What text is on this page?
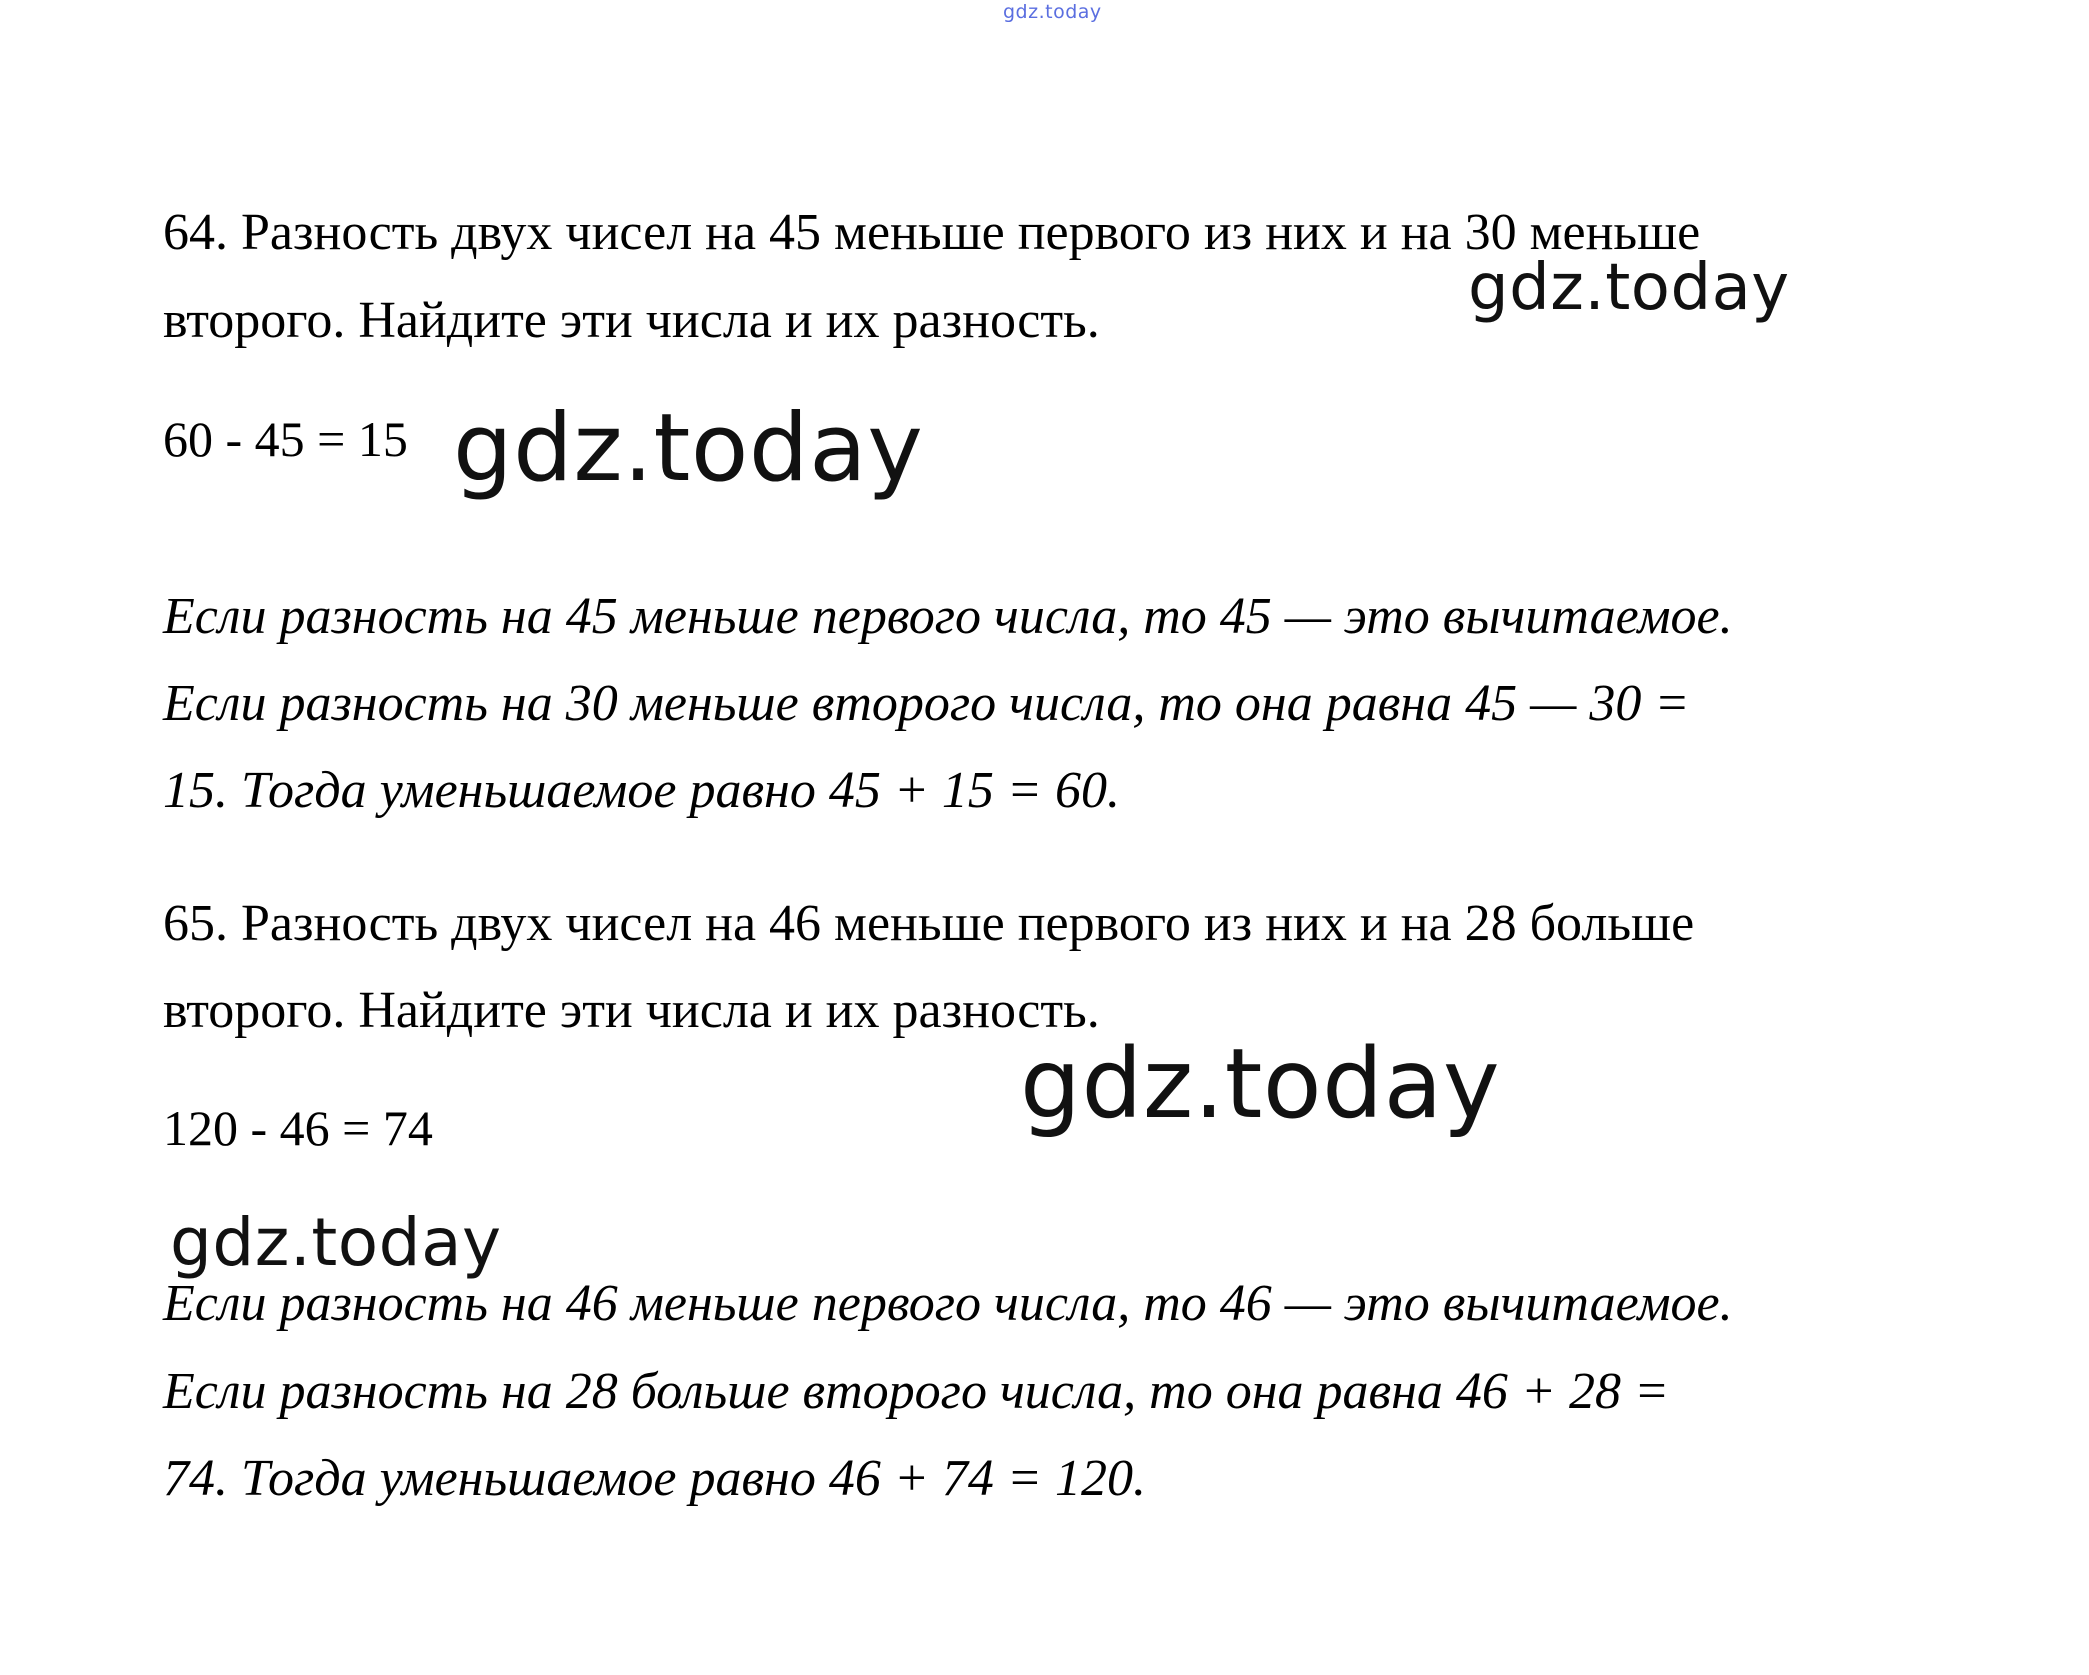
gdz.today
64. Разность двух чисел на 45 меньше первого из них и на 30 меньше
второго. Найдите эти числа и их разность.
60 - 45 = 15
Если разность на 45 меньше первого числа, то 45 — это вычитаемое.
Если разность на 30 меньше второго числа, то она равна 45 — 30 =
15. Тогда уменьшаемое равно 45 + 15 = 60.
65. Разность двух чисел на 46 меньше первого из них и на 28 больше
второго. Найдите эти числа и их разность.
120 - 46 = 74
Если разность на 46 меньше первого числа, то 46 — это вычитаемое.
Если разность на 28 больше второго числа, то она равна 46 + 28 =
74. Тогда уменьшаемое равно 46 + 74 = 120.
gdz.today
gdz.today
gdz.today
gdz.today
